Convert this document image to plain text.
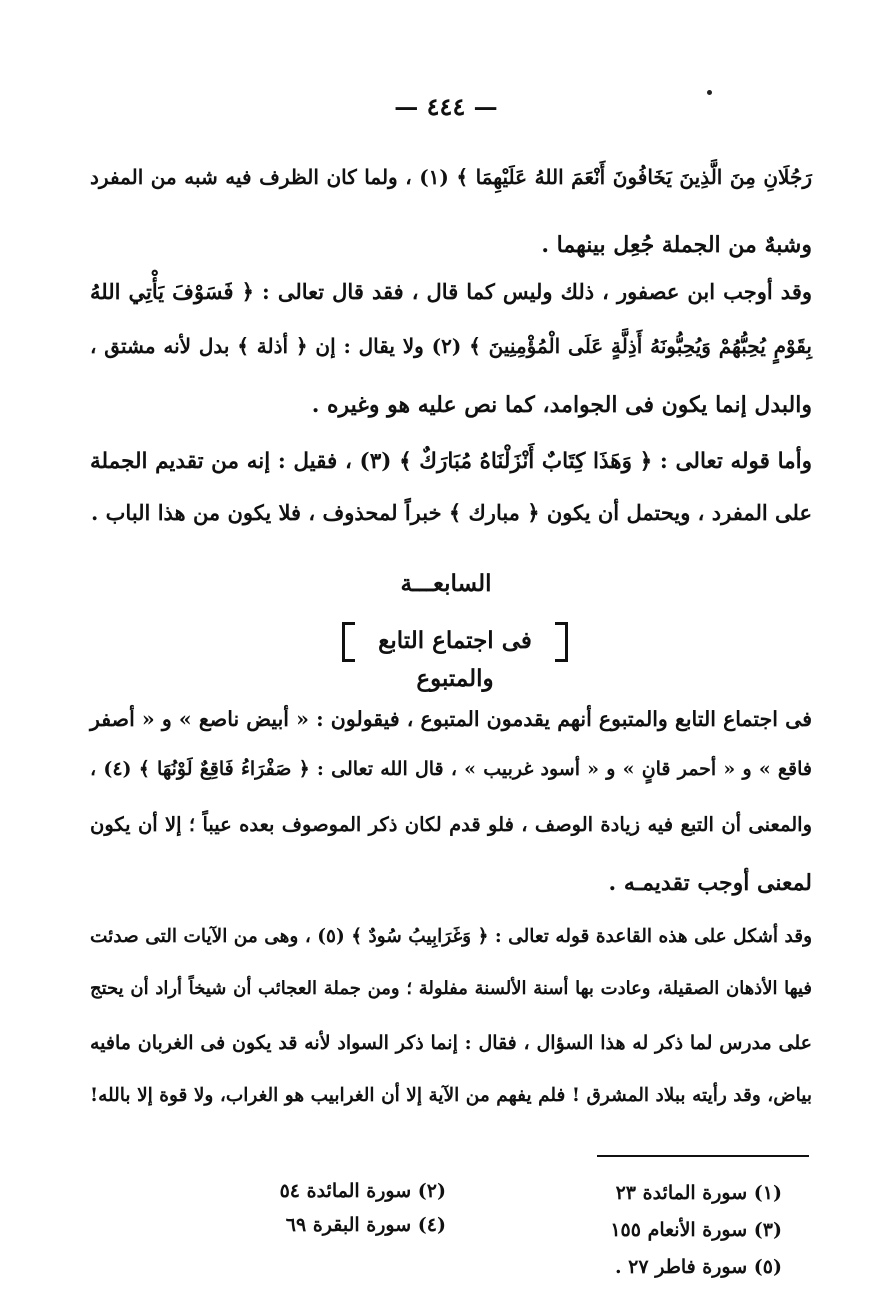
— ٤٤٤ —
رَجُلَانِ مِنَ الَّذِينَ يَخَافُونَ أَنْعَمَ اللهُ عَلَيْهِمَا ﴾ (١) ، ولما كان الظرف فيه شبه من المفرد
وشبهٌ من الجملة جُعِل بينهما .
وقد أوجب ابن عصفور ، ذلك وليس كما قال ، فقد قال تعالى : ﴿ فَسَوْفَ يَأْتِي اللهُ
بِقَوْمٍ يُحِبُّهُمْ وَيُحِبُّونَهُ أَذِلَّةٍ عَلَى الْمُؤْمِنِينَ ﴾ (٢) ولا يقال : إن ﴿ أذلة ﴾ بدل لأنه مشتق ،
والبدل إنما يكون فى الجوامد، كما نص عليه هو وغيره .
وأما قوله تعالى : ﴿ وَهَذَا كِتَابٌ أَنْزَلْنَاهُ مُبَارَكٌ ﴾ (٣) ، فقيل : إنه من تقديم الجملة
على المفرد ، ويحتمل أن يكون ﴿ مبارك ﴾ خبراً لمحذوف ، فلا يكون من هذا الباب .
السابعـــة
فى اجتماع التابع والمتبوع
فى اجتماع التابع والمتبوع أنهم يقدمون المتبوع ، فيقولون : « أبيض ناصع » و « أصفر
فاقع » و « أحمر قانٍ » و « أسود غربيب » ، قال الله تعالى : ﴿ صَفْرَاءُ فَاقِعٌ لَوْنُهَا ﴾ (٤) ،
والمعنى أن التبع فيه زيادة الوصف ، فلو قدم لكان ذكر الموصوف بعده عيباً ؛ إلا أن يكون
لمعنى أوجب تقديمـه .
وقد أشكل على هذه القاعدة قوله تعالى : ﴿ وَغَرَابِيبُ سُودٌ ﴾ (٥) ، وهى من الآيات التى صدئت
فيها الأذهان الصقيلة، وعادت بها أسنة الألسنة مفلولة ؛ ومن جملة العجائب أن شيخاً أراد أن يحتج
على مدرس لما ذكر له هذا السؤال ، فقال : إنما ذكر السواد لأنه قد يكون فى الغربان مافيه
بياض، وقد رأيته ببلاد المشرق ! فلم يفهم من الآية إلا أن الغرابيب هو الغراب، ولا قوة إلا بالله!
(١) سورة المائدة ٢٣
(٢) سورة المائدة ٥٤
(٣) سورة الأنعام ١٥٥
(٤) سورة البقرة ٦٩
(٥) سورة فاطر ٢٧ .
